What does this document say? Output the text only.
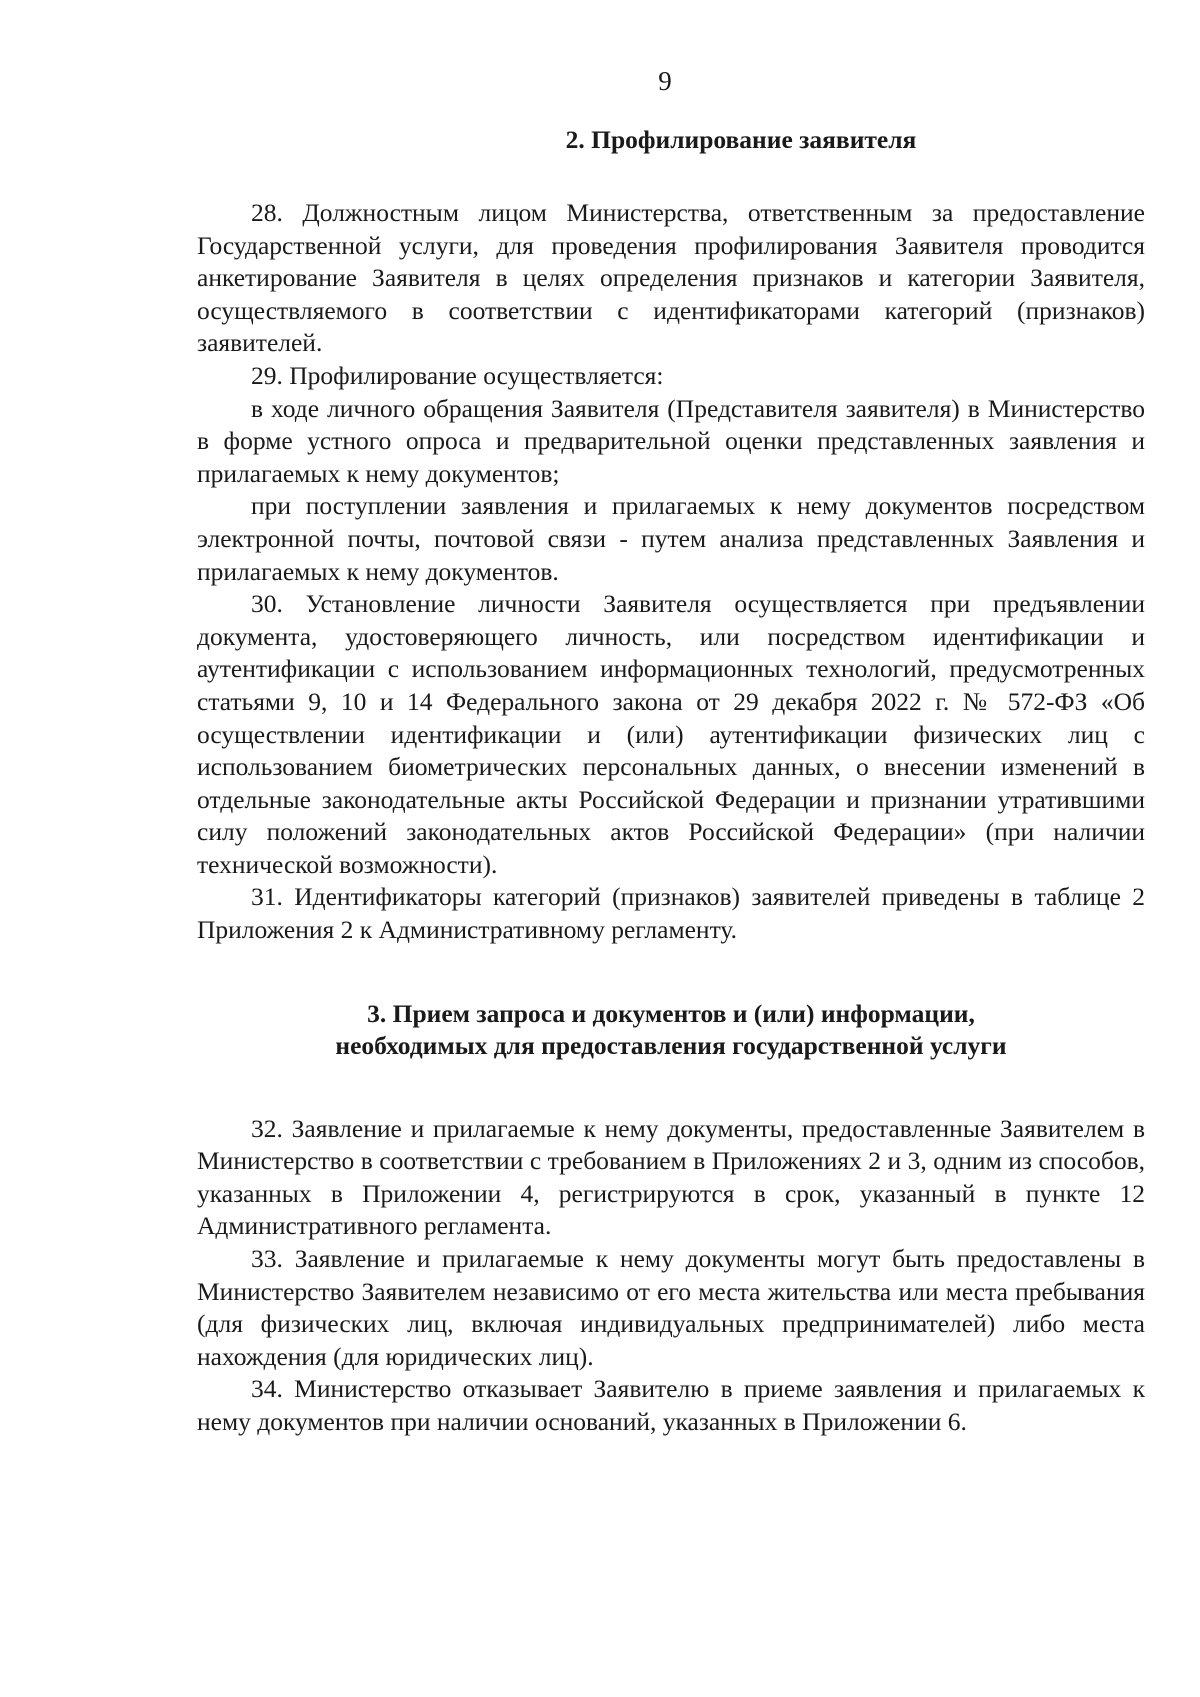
9
2. Профилирование заявителя

28. Должностным лицом Министерства, ответственным за предоставление Государственной услуги, для проведения профилирования Заявителя проводится анкетирование Заявителя в целях определения признаков и категории Заявителя, осуществляемого в соответствии с идентификаторами категорий (признаков) заявителей.

29. Профилирование осуществляется:

в ходе личного обращения Заявителя (Представителя заявителя) в Министерство в форме устного опроса и предварительной оценки представленных заявления и прилагаемых к нему документов;

при поступлении заявления и прилагаемых к нему документов посредством электронной почты, почтовой связи - путем анализа представленных Заявления и прилагаемых к нему документов.

30. Установление личности Заявителя осуществляется при предъявлении документа, удостоверяющего личность, или посредством идентификации и аутентификации с использованием информационных технологий, предусмотренных статьями 9, 10 и 14 Федерального закона от 29 декабря 2022 г. № 572-ФЗ «Об осуществлении идентификации и (или) аутентификации физических лиц с использованием биометрических персональных данных, о внесении изменений в отдельные законодательные акты Российской Федерации и признании утратившими силу положений законодательных актов Российской Федерации» (при наличии технической возможности).

31. Идентификаторы категорий (признаков) заявителей приведены в таблице 2 Приложения 2 к Административному регламенту.

3. Прием запроса и документов и (или) информации,
необходимых для предоставления государственной услуги

32. Заявление и прилагаемые к нему документы, предоставленные Заявителем в Министерство в соответствии с требованием в Приложениях 2 и 3, одним из способов, указанных в Приложении 4, регистрируются в срок, указанный в пункте 12 Административного регламента.

33. Заявление и прилагаемые к нему документы могут быть предоставлены в Министерство Заявителем независимо от его места жительства или места пребывания (для физических лиц, включая индивидуальных предпринимателей) либо места нахождения (для юридических лиц).

34. Министерство отказывает Заявителю в приеме заявления и прилагаемых к нему документов при наличии оснований, указанных в Приложении 6.
